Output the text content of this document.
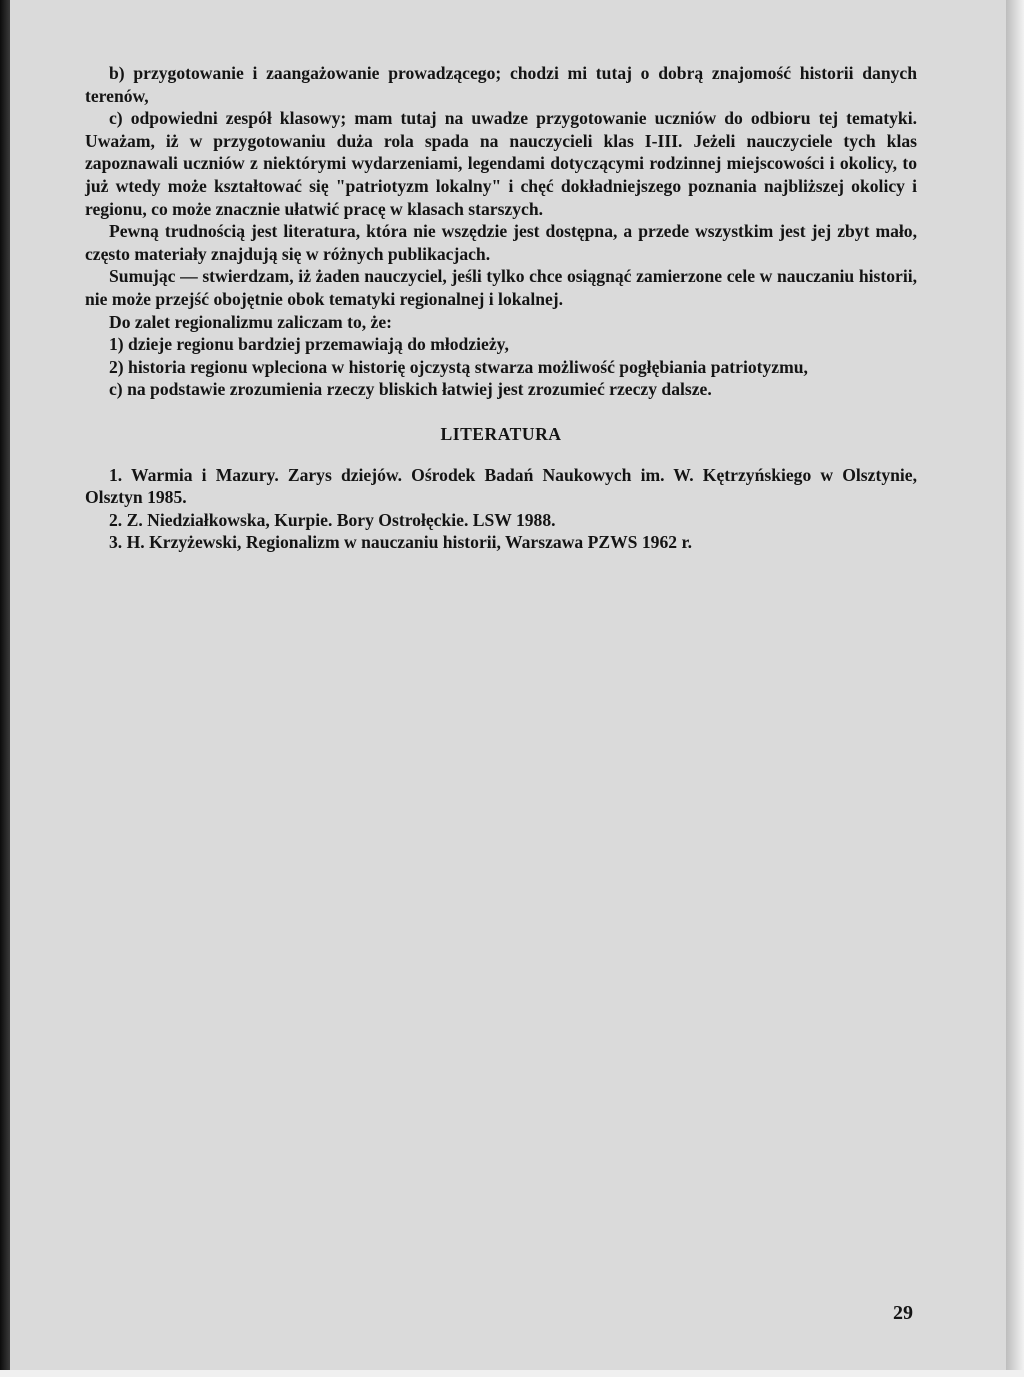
b) przygotowanie i zaangażowanie prowadzącego; chodzi mi tutaj o dobrą znajomość historii danych terenów,

c) odpowiedni zespół klasowy; mam tutaj na uwadze przygotowanie uczniów do odbioru tej tematyki. Uważam, iż w przygotowaniu duża rola spada na nauczycieli klas I-III. Jeżeli nauczyciele tych klas zapoznawali uczniów z niektórymi wydarzeniami, legendami dotyczącymi rodzinnej miejscowości i okolicy, to już wtedy może kształtować się "patriotyzm lokalny" i chęć dokładniejszego poznania najbliższej okolicy i regionu, co może znacznie ułatwić pracę w klasach starszych.

Pewną trudnością jest literatura, która nie wszędzie jest dostępna, a przede wszystkim jest jej zbyt mało, często materiały znajdują się w różnych publikacjach.

Sumując — stwierdzam, iż żaden nauczyciel, jeśli tylko chce osiągnąć zamierzone cele w nauczaniu historii, nie może przejść obojętnie obok tematyki regionalnej i lokalnej.

Do zalet regionalizmu zaliczam to, że:

1) dzieje regionu bardziej przemawiają do młodzieży,

2) historia regionu wpleciona w historię ojczystą stwarza możliwość pogłębiania patriotyzmu,

c) na podstawie zrozumienia rzeczy bliskich łatwiej jest zrozumieć rzeczy dalsze.

LITERATURA

1. Warmia i Mazury. Zarys dziejów. Ośrodek Badań Naukowych im. W. Kętrzyńskiego w Olsztynie, Olsztyn 1985.

2. Z. Niedziałkowska, Kurpie. Bory Ostrołęckie. LSW 1988.

3. H. Krzyżewski, Regionalizm w nauczaniu historii, Warszawa PZWS 1962 r.

29
